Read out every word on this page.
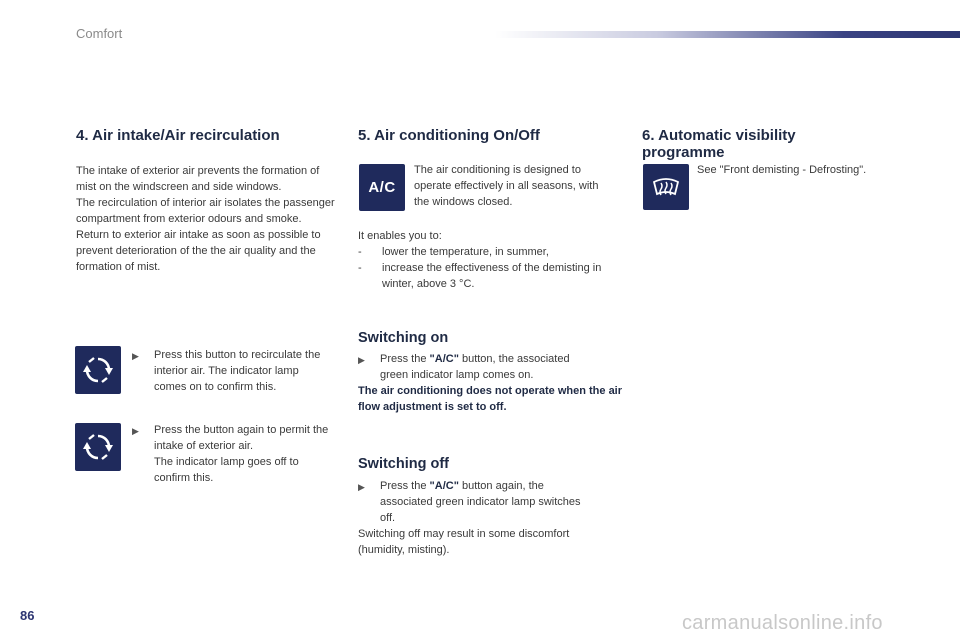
Comfort
4. Air intake/Air recirculation

The intake of exterior air prevents the formation of mist on the windscreen and side windows.

The recirculation of interior air isolates the passenger compartment from exterior odours and smoke.

Return to exterior air intake as soon as possible to prevent deterioration of the the air quality and the formation of mist.

▶	Press this button to recirculate the interior air. The indicator lamp comes on to confirm this.
▶	Press the button again to permit the intake of exterior air.
The indicator lamp goes off to confirm this.
5. Air conditioning On/Off
A/C
The air conditioning is designed to operate effectively in all seasons, with the windows closed.

It enables you to:

-	lower the temperature, in summer,
-	increase the effectiveness of the demisting in winter, above 3 °C.
Switching on
▶	Press the "A/C" button, the associated green indicator lamp comes on.
The air conditioning does not operate when the air flow adjustment is set to off.
Switching off
▶	Press the "A/C" button again, the associated green indicator lamp switches off.
Switching off may result in some discomfort (humidity, misting).
6. Automatic visibility programme
See "Front demisting - Defrosting".
86	carmanualsonline.info
